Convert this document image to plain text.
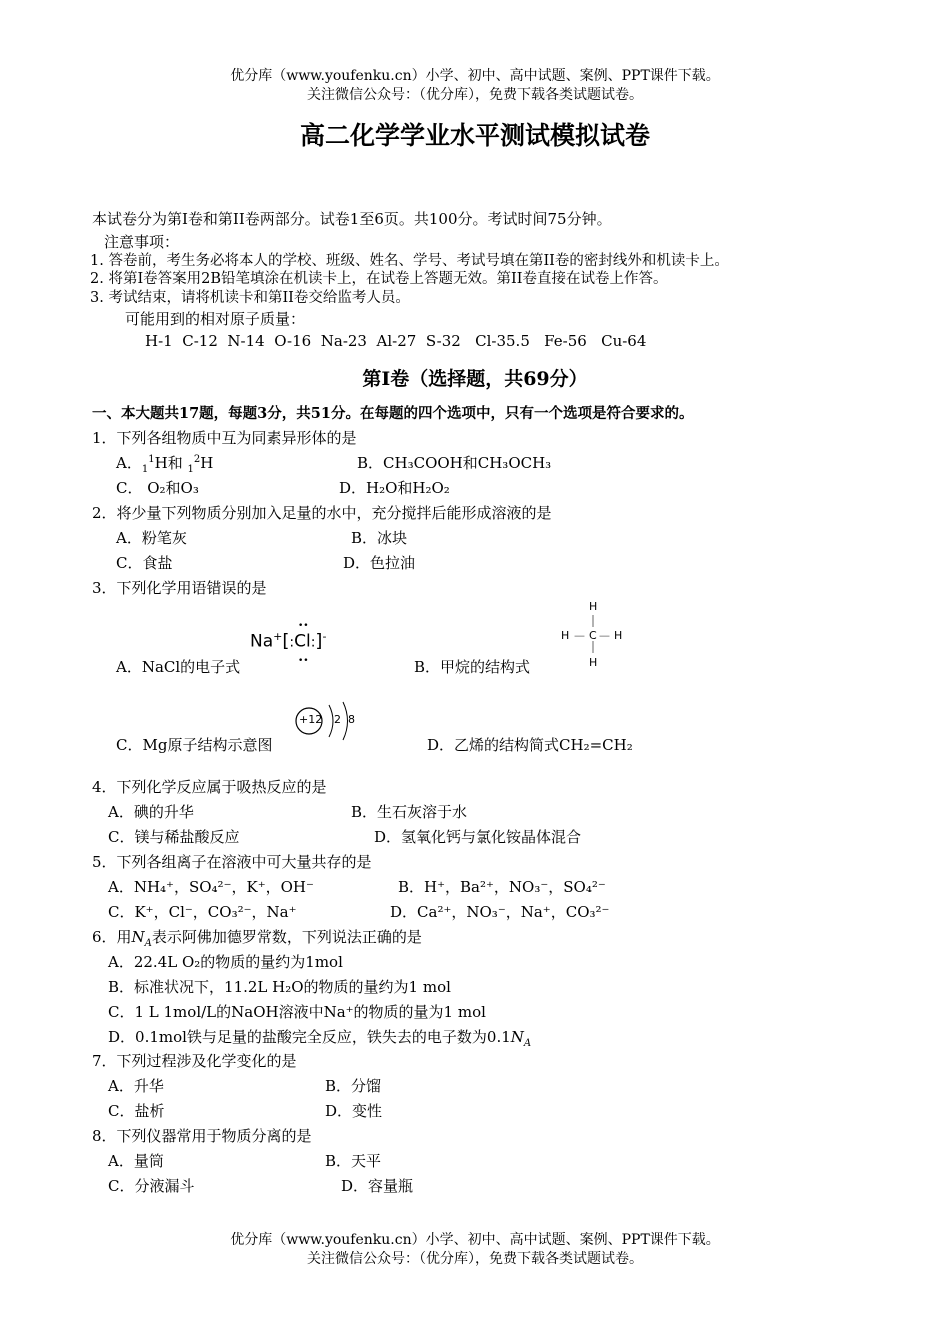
优分库（www.youfenku.cn）小学、初中、高中试题、案例、PPT课件下载。
关注微信公众号：（优分库），免费下载各类试题试卷。
高二化学学业水平测试模拟试卷
本试卷分为第I卷和第II卷两部分。试卷1至6页。共100分。考试时间75分钟。
注意事项：
1. 答卷前，考生务必将本人的学校、班级、姓名、学号、考试号填在第II卷的密封线外和机读卡上。
2. 将第I卷答案用2B铅笔填涂在机读卡上，在试卷上答题无效。第II卷直接在试卷上作答。
3. 考试结束，请将机读卡和第II卷交给监考人员。
可能用到的相对原子质量：
H-1  C-12  N-14  O-16  Na-23  Al-27  S-32   Cl-35.5   Fe-56   Cu-64
第I卷（选择题，共69分）
一、本大题共17题，每题3分，共51分。在每题的四个选项中，只有一个选项是符合要求的。
1．下列各组物质中互为同素异形体的是
A．$_1^1$H和 $_1^2$H	B．CH₃COOH和CH₃OCH₃
C． O₂和O₃	D．H₂O和H₂O₂
2．将少量下列物质分别加入足量的水中，充分搅拌后能形成溶液的是
A．粉笔灰	B．冰块
C．食盐	D．色拉油
3．下列化学用语错误的是
A．NaCl的电子式
Na+[:Cl:]-
••
••	B．甲烷的结构式
H
H — C — H
H
C．Mg原子结构示意图
+12 2 8
D．乙烯的结构简式CH₂=CH₂
4．下列化学反应属于吸热反应的是
A．碘的升华	B．生石灰溶于水
C．镁与稀盐酸反应	D．氢氧化钙与氯化铵晶体混合
5．下列各组离子在溶液中可大量共存的是
A．NH₄⁺，SO₄²⁻，K⁺，OH⁻	B．H⁺，Ba²⁺，NO₃⁻，SO₄²⁻
C．K⁺，Cl⁻，CO₃²⁻，Na⁺	D．Ca²⁺，NO₃⁻，Na⁺，CO₃²⁻
6．用$N_A$表示阿佛加德罗常数，下列说法正确的是
A．22.4L O₂的物质的量约为1mol
B．标准状况下，11.2L H₂O的物质的量约为1 mol
C．1 L 1mol/L的NaOH溶液中Na⁺的物质的量为1 mol
D．0.1mol铁与足量的盐酸完全反应，铁失去的电子数为$0.1N_A$
7．下列过程涉及化学变化的是
A．升华	B．分馏
C．盐析	D．变性
8．下列仪器常用于物质分离的是
A．量筒	B．天平
C．分液漏斗	D．容量瓶
优分库（www.youfenku.cn）小学、初中、高中试题、案例、PPT课件下载。
关注微信公众号：（优分库），免费下载各类试题试卷。
